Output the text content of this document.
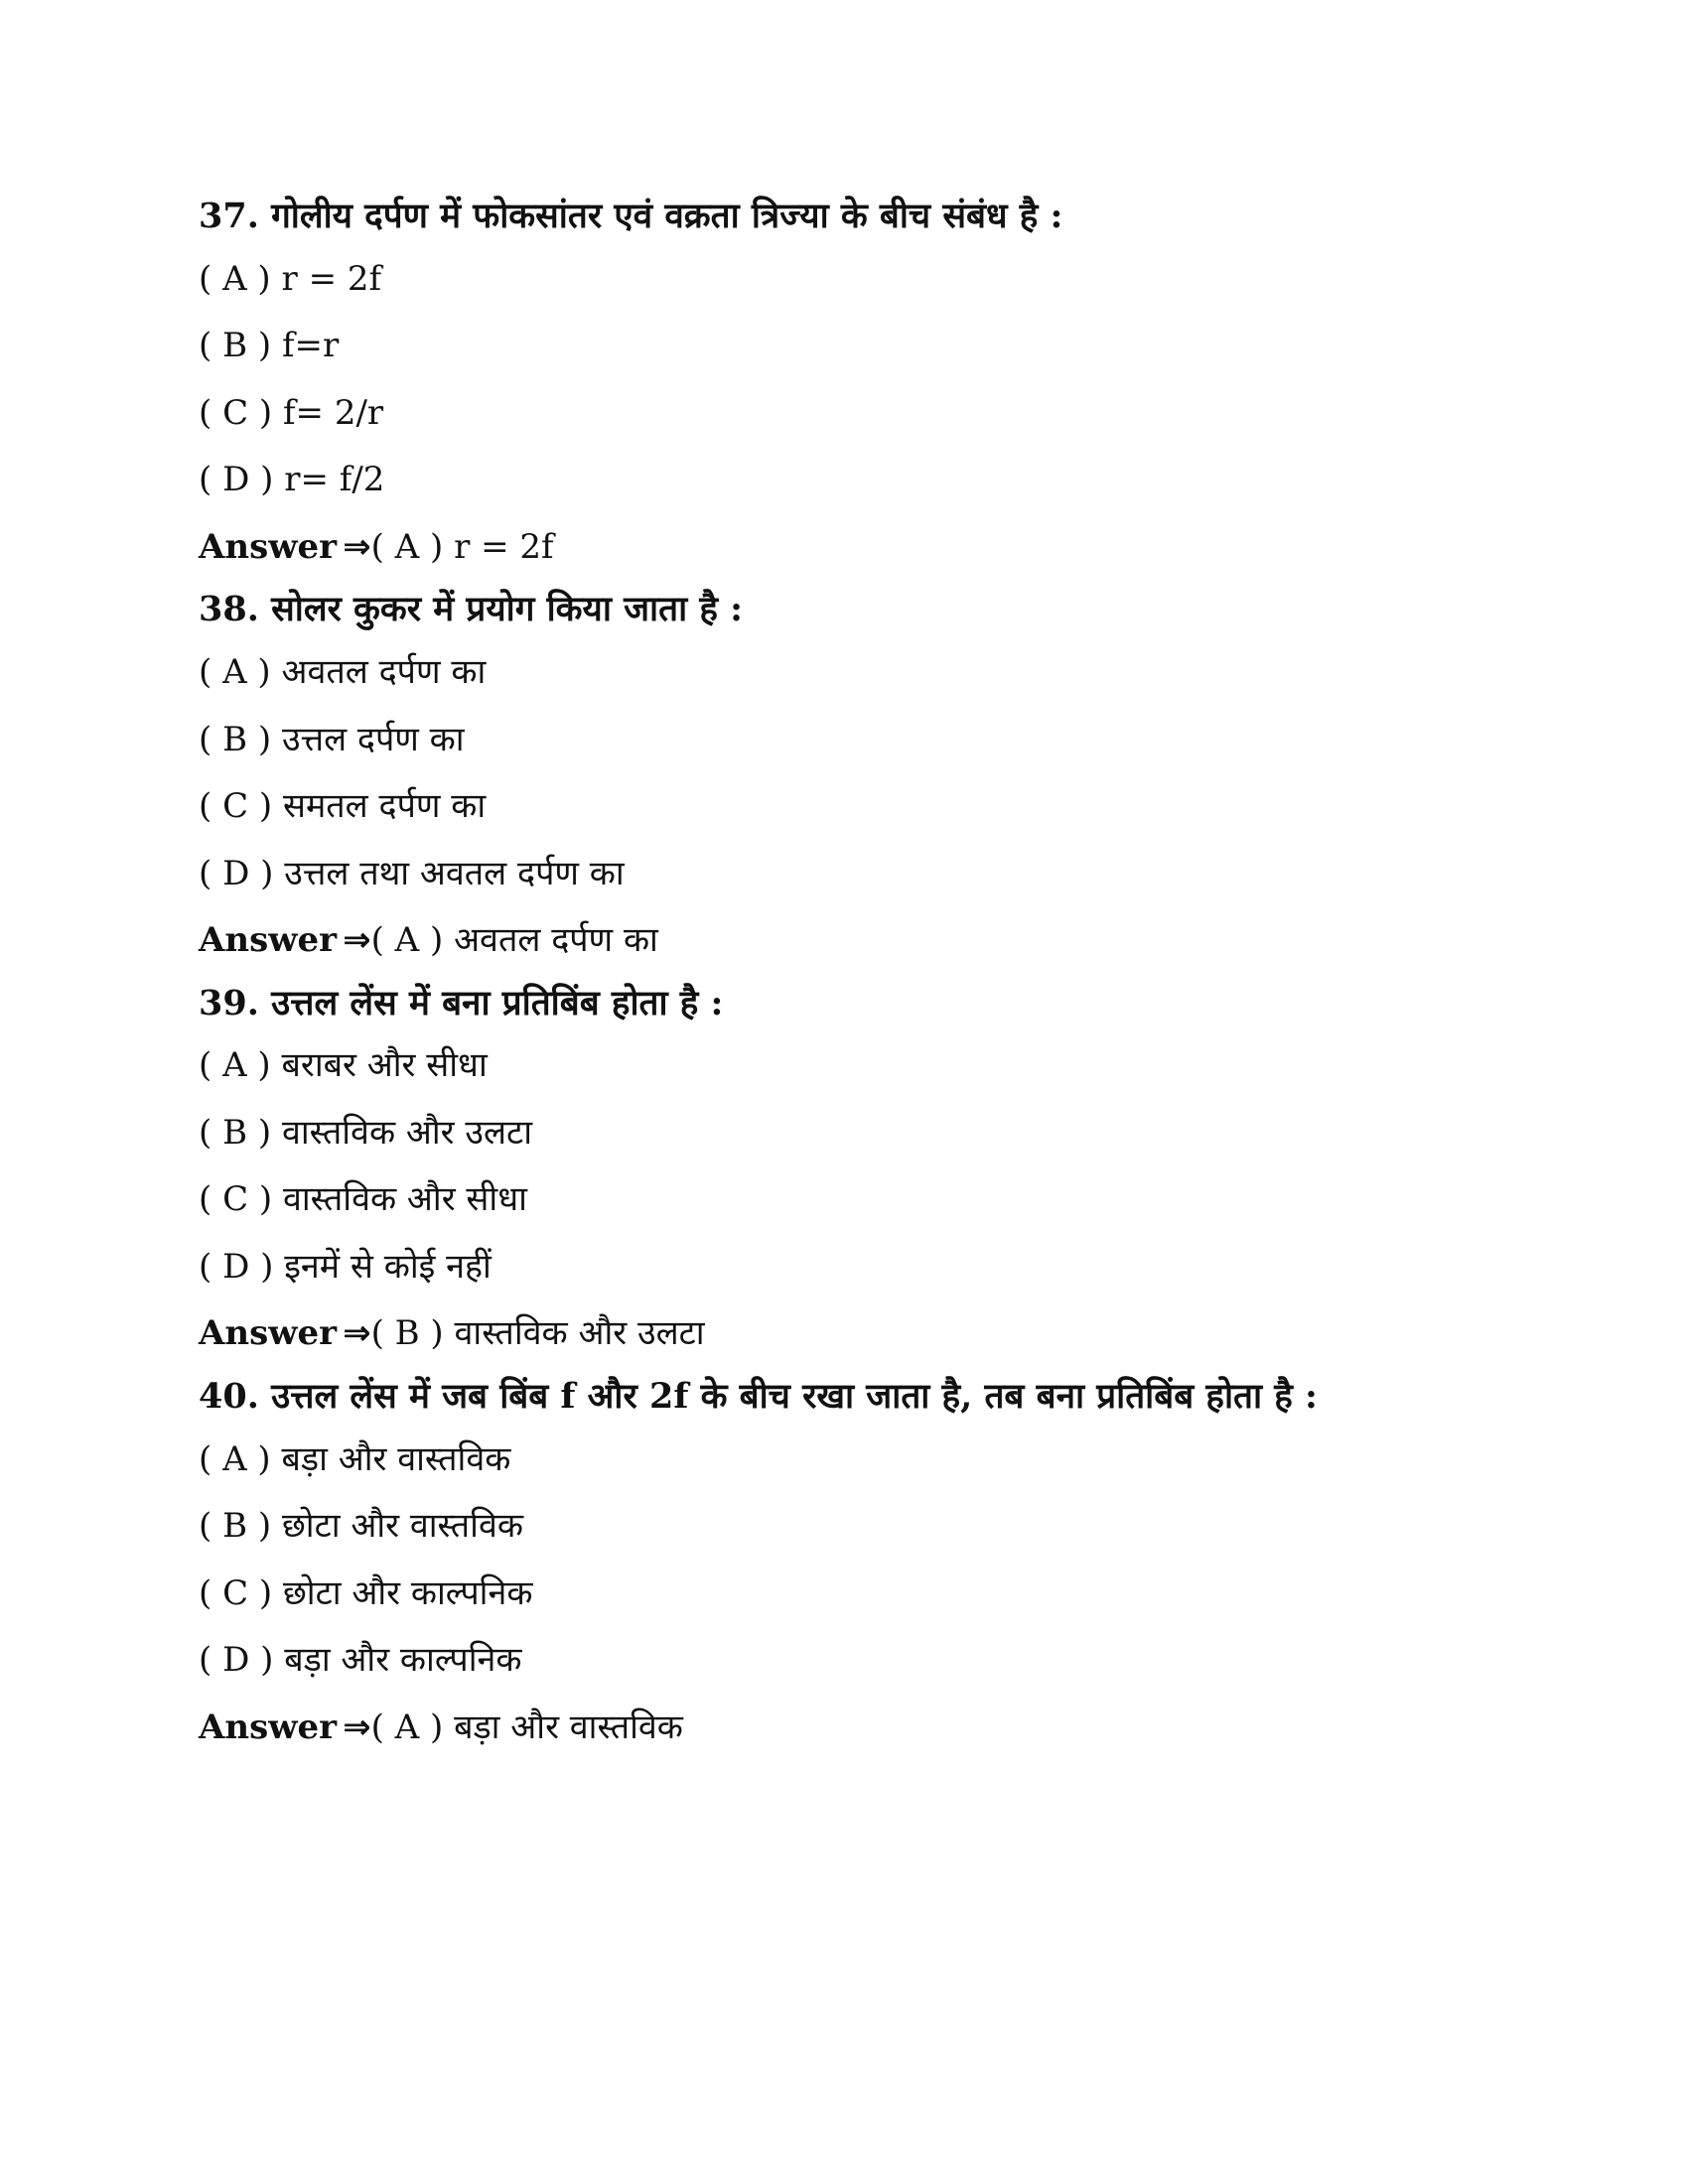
37. गोलीय दर्पण में फोकसांतर एवं वक्रता त्रिज्या के बीच संबंध है :

( A ) r = 2f

( B ) f=r

( C ) f= 2/r

( D ) r= f/2

Answer ⇒( A ) r = 2f

38. सोलर कुकर में प्रयोग किया जाता है :

( A ) अवतल दर्पण का

( B ) उत्तल दर्पण का

( C ) समतल दर्पण का

( D ) उत्तल तथा अवतल दर्पण का

Answer ⇒( A ) अवतल दर्पण का

39. उत्तल लेंस में बना प्रतिबिंब होता है :

( A ) बराबर और सीधा

( B ) वास्तविक और उलटा

( C ) वास्तविक और सीधा

( D ) इनमें से कोई नहीं

Answer ⇒( B ) वास्तविक और उलटा

40. उत्तल लेंस में जब बिंब f और 2f के बीच रखा जाता है, तब बना प्रतिबिंब होता है :

( A ) बड़ा और वास्तविक

( B ) छोटा और वास्तविक

( C ) छोटा और काल्पनिक

( D ) बड़ा और काल्पनिक

Answer ⇒( A ) बड़ा और वास्तविक
